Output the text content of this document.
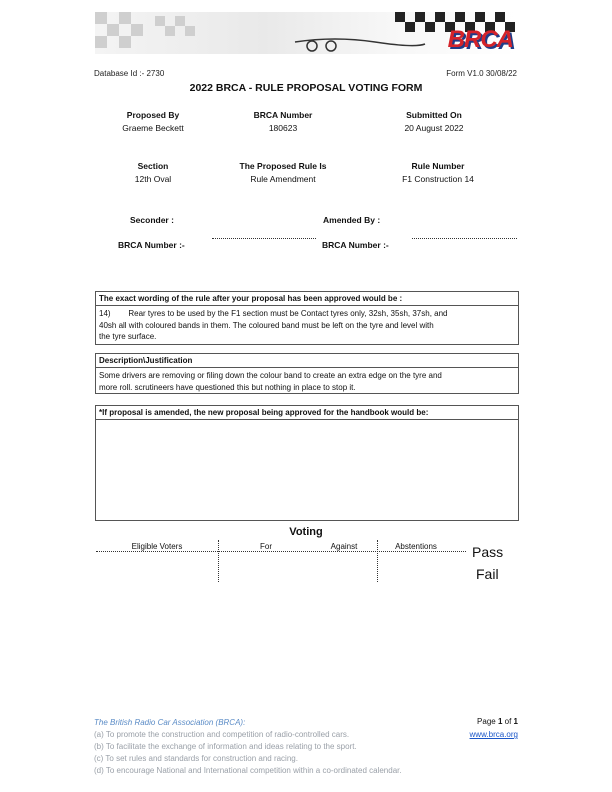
BRCA
Database Id :- 2730	Form V1.0 30/08/22
2022 BRCA - RULE PROPOSAL VOTING FORM
Proposed By
Graeme Beckett
BRCA Number
180623
Submitted On
20 August 2022
Section
12th Oval
The Proposed Rule Is
Rule Amendment
Rule Number
F1 Construction 14
Seconder :	Amended By :
BRCA Number :-	BRCA Number :-
The exact wording of the rule after your proposal has been approved would be :
14) Rear tyres to be used by the F1 section must be Contact tyres only, 32sh, 35sh, 37sh, and
40sh all with coloured bands in them. The coloured band must be left on the tyre and level with
the tyre surface.
Description\Justification
Some drivers are removing or filing down the colour band to create an extra edge on the tyre and
more roll. scrutineers have questioned this but nothing in place to stop it.
*If proposal is amended, the new proposal being approved for the handbook would be:
Voting
Eligible Voters	For	Against	Abstentions	Pass
Fail
The British Radio Car Association (BRCA):
(a) To promote the construction and competition of radio-controlled cars.
(b) To facilitate the exchange of information and ideas relating to the sport.
(c) To set rules and standards for construction and racing.
(d) To encourage National and International competition within a co-ordinated calendar.
Page 1 of 1
www.brca.org
